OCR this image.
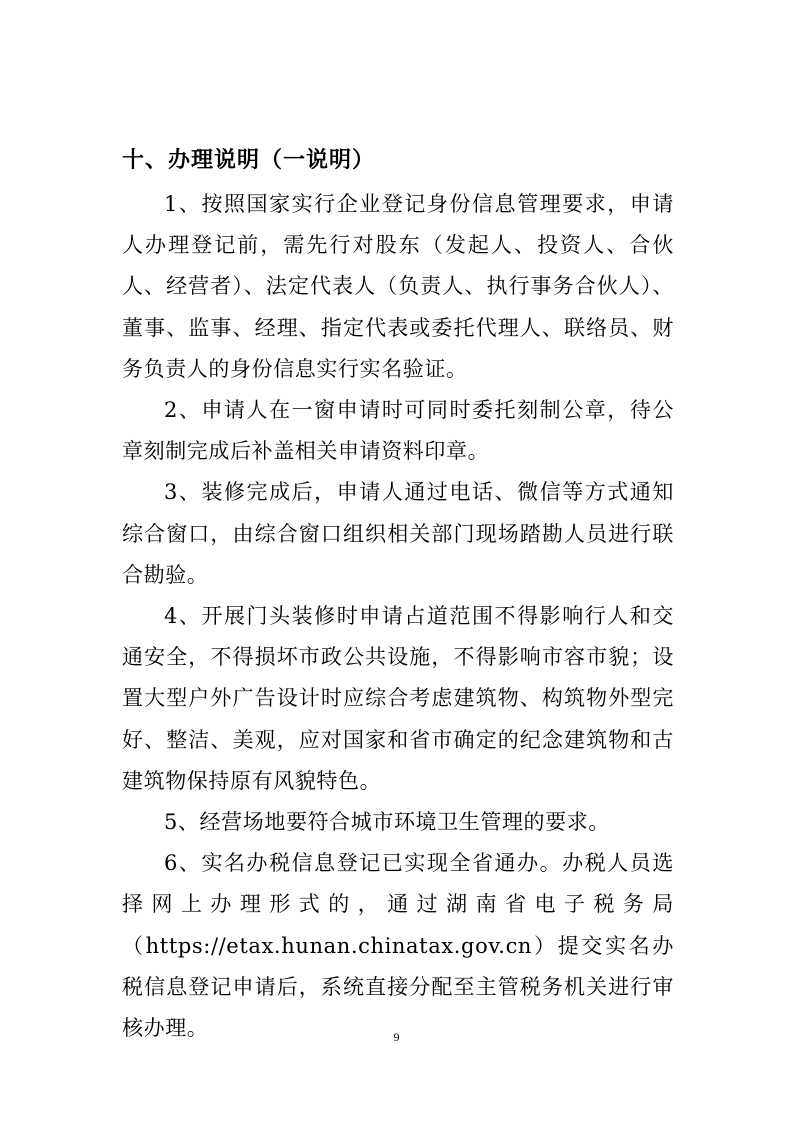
十、办理说明（一说明）

1、按照国家实行企业登记身份信息管理要求，申请人办理登记前，需先行对股东（发起人、投资人、合伙人、经营者）、法定代表人（负责人、执行事务合伙人）、董事、监事、经理、指定代表或委托代理人、联络员、财务负责人的身份信息实行实名验证。

2、申请人在一窗申请时可同时委托刻制公章，待公章刻制完成后补盖相关申请资料印章。

3、装修完成后，申请人通过电话、微信等方式通知综合窗口，由综合窗口组织相关部门现场踏勘人员进行联合勘验。

4、开展门头装修时申请占道范围不得影响行人和交通安全，不得损坏市政公共设施，不得影响市容市貌；设置大型户外广告设计时应综合考虑建筑物、构筑物外型完好、整洁、美观，应对国家和省市确定的纪念建筑物和古建筑物保持原有风貌特色。

5、经营场地要符合城市环境卫生管理的要求。

6、实名办税信息登记已实现全省通办。办税人员选择网上办理形式的，通过湖南省电子税务局（https://etax.hunan.chinatax.gov.cn）提交实名办税信息登记申请后，系统直接分配至主管税务机关进行审核办理。	9
